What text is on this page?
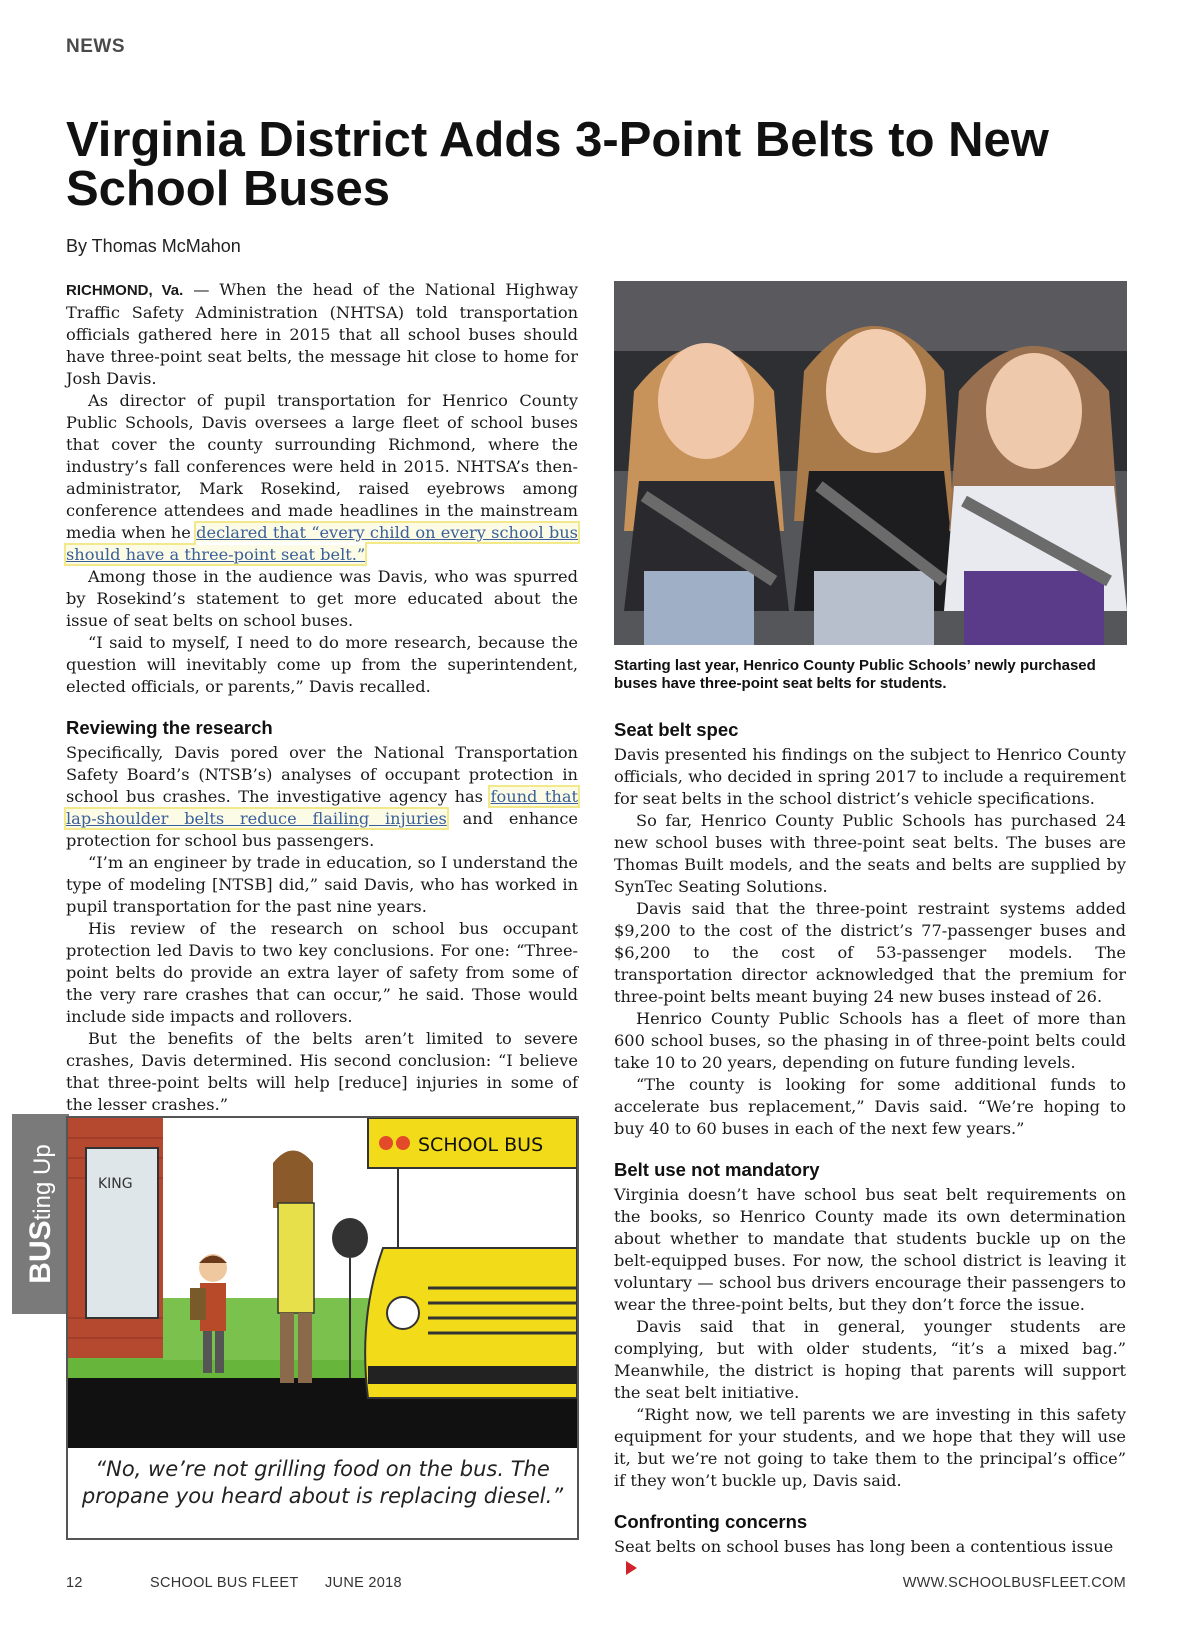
NEWS
Virginia District Adds 3-Point Belts to New School Buses
By Thomas McMahon

RICHMOND, Va. — When the head of the National Highway Traffic Safety Administration (NHTSA) told transportation officials gathered here in 2015 that all school buses should have three-point seat belts, the message hit close to home for Josh Davis.

As director of pupil transportation for Henrico County Public Schools, Davis oversees a large fleet of school buses that cover the county surrounding Richmond, where the industry’s fall conferences were held in 2015. NHTSA’s then-administrator, Mark Rosekind, raised eyebrows among conference attendees and made headlines in the mainstream media when he declared that “every child on every school bus should have a three-point seat belt.”

Among those in the audience was Davis, who was spurred by Rosekind’s statement to get more educated about the issue of seat belts on school buses.

“I said to myself, I need to do more research, because the question will inevitably come up from the superintendent, elected officials, or parents,” Davis recalled.

Reviewing the research

Specifically, Davis pored over the National Transportation Safety Board’s (NTSB’s) analyses of occupant protection in school bus crashes. The investigative agency has found that lap-shoulder belts reduce flailing injuries and enhance protection for school bus passengers.

“I’m an engineer by trade in education, so I understand the type of modeling [NTSB] did,” said Davis, who has worked in pupil transportation for the past nine years.

His review of the research on school bus occupant protection led Davis to two key conclusions. For one: “Three-point belts do provide an extra layer of safety from some of the very rare crashes that can occur,” he said. Those would include side impacts and rollovers.

But the benefits of the belts aren’t limited to severe crashes, Davis determined. His second conclusion: “I believe that three-point belts will help [reduce] injuries in some of the lesser crashes.”

Starting last year, Henrico County Public Schools’ newly purchased buses have three-point seat belts for students.
Seat belt spec

Davis presented his findings on the subject to Henrico County officials, who decided in spring 2017 to include a requirement for seat belts in the school district’s vehicle specifications.

So far, Henrico County Public Schools has purchased 24 new school buses with three-point seat belts. The buses are Thomas Built models, and the seats and belts are supplied by SynTec Seating Solutions.

Davis said that the three-point restraint systems added $9,200 to the cost of the district’s 77-passenger buses and $6,200 to the cost of 53-passenger models. The transportation director acknowledged that the premium for three-point belts meant buying 24 new buses instead of 26.

Henrico County Public Schools has a fleet of more than 600 school buses, so the phasing in of three-point belts could take 10 to 20 years, depending on future funding levels.

“The county is looking for some additional funds to accelerate bus replacement,” Davis said. “We’re hoping to buy 40 to 60 buses in each of the next few years.”

Belt use not mandatory

Virginia doesn’t have school bus seat belt requirements on the books, so Henrico County made its own determination about whether to mandate that students buckle up on the belt-equipped buses. For now, the school district is leaving it voluntary — school bus drivers encourage their passengers to wear the three-point belts, but they don’t force the issue.

Davis said that in general, younger students are complying, but with older students, “it’s a mixed bag.” Meanwhile, the district is hoping that parents will support the seat belt initiative.

“Right now, we tell parents we are investing in this safety equipment for your students, and we hope that they will use it, but we’re not going to take them to the principal’s office” if they won’t buckle up, Davis said.

Confronting concerns

Seat belts on school buses has long been a contentious issue

BUSting Up	KING
SCHOOL BUS
“No, we’re not grilling food on the bus. The propane you heard about is replacing diesel.”
12	SCHOOL BUS FLEET JUNE 2018	WWW.SCHOOLBUSFLEET.COM
